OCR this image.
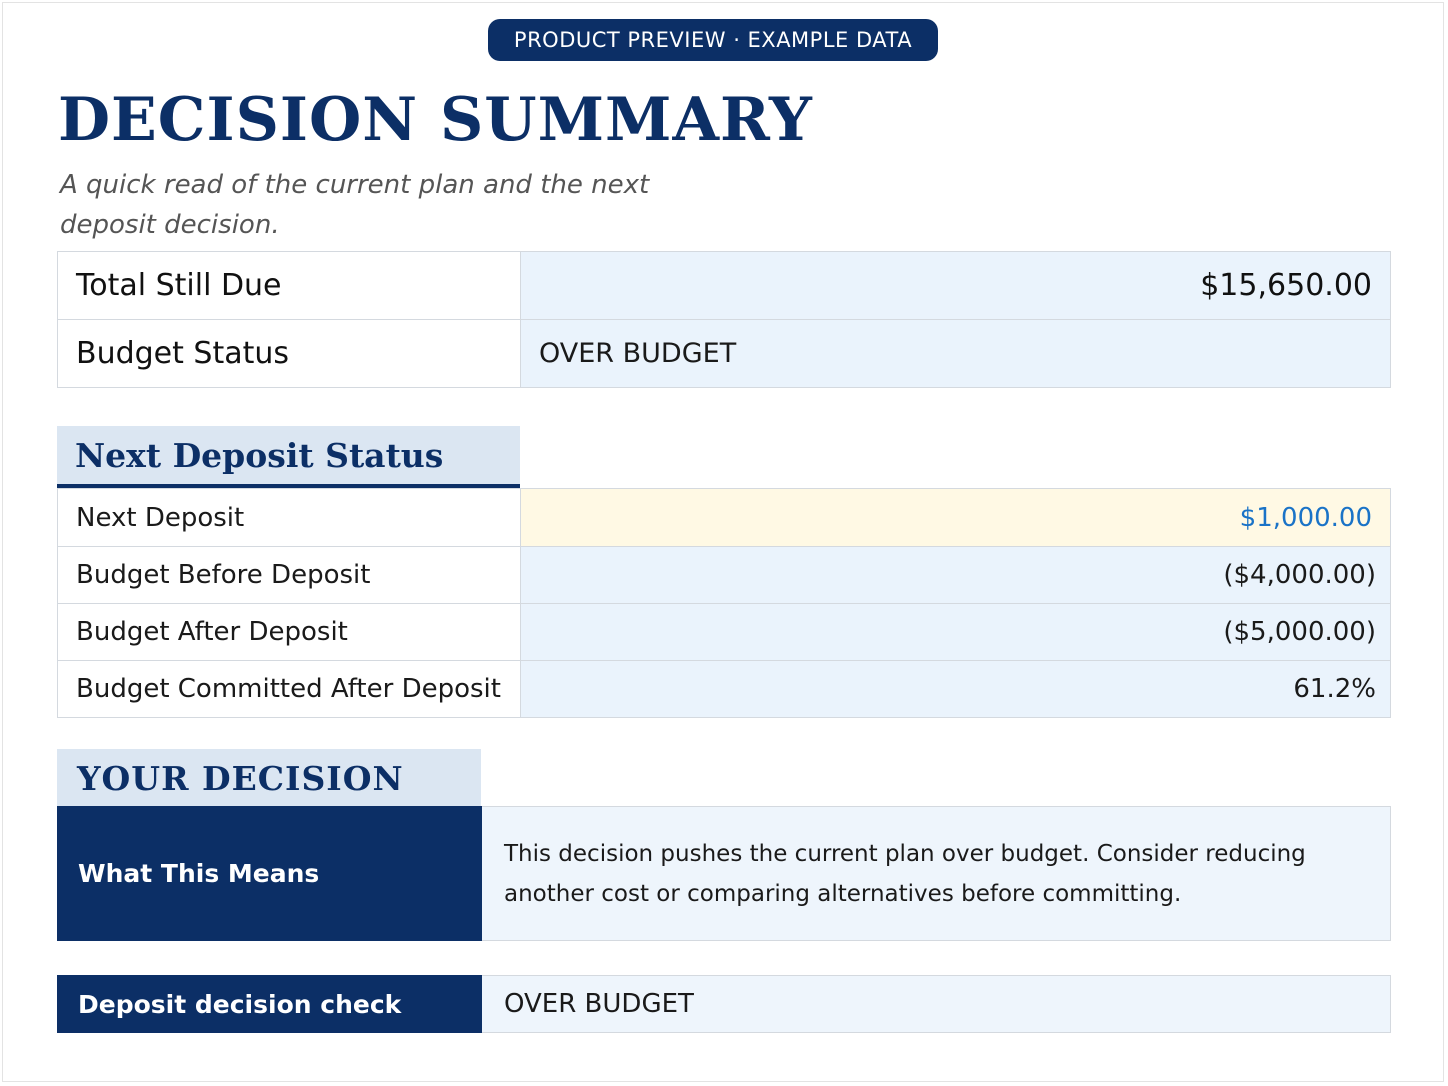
PRODUCT PREVIEW · EXAMPLE DATA
DECISION SUMMARY

A quick read of the current plan and the next deposit decision.

Total Still Due	$15,650.00
Budget Status	OVER BUDGET
Next Deposit Status
Next Deposit	$1,000.00
Budget Before Deposit	($4,000.00)
Budget After Deposit	($5,000.00)
Budget Committed After Deposit	61.2%
YOUR DECISION
What This Means	This decision pushes the current plan over budget. Consider reducing another cost or comparing alternatives before committing.
Deposit decision check	OVER BUDGET
